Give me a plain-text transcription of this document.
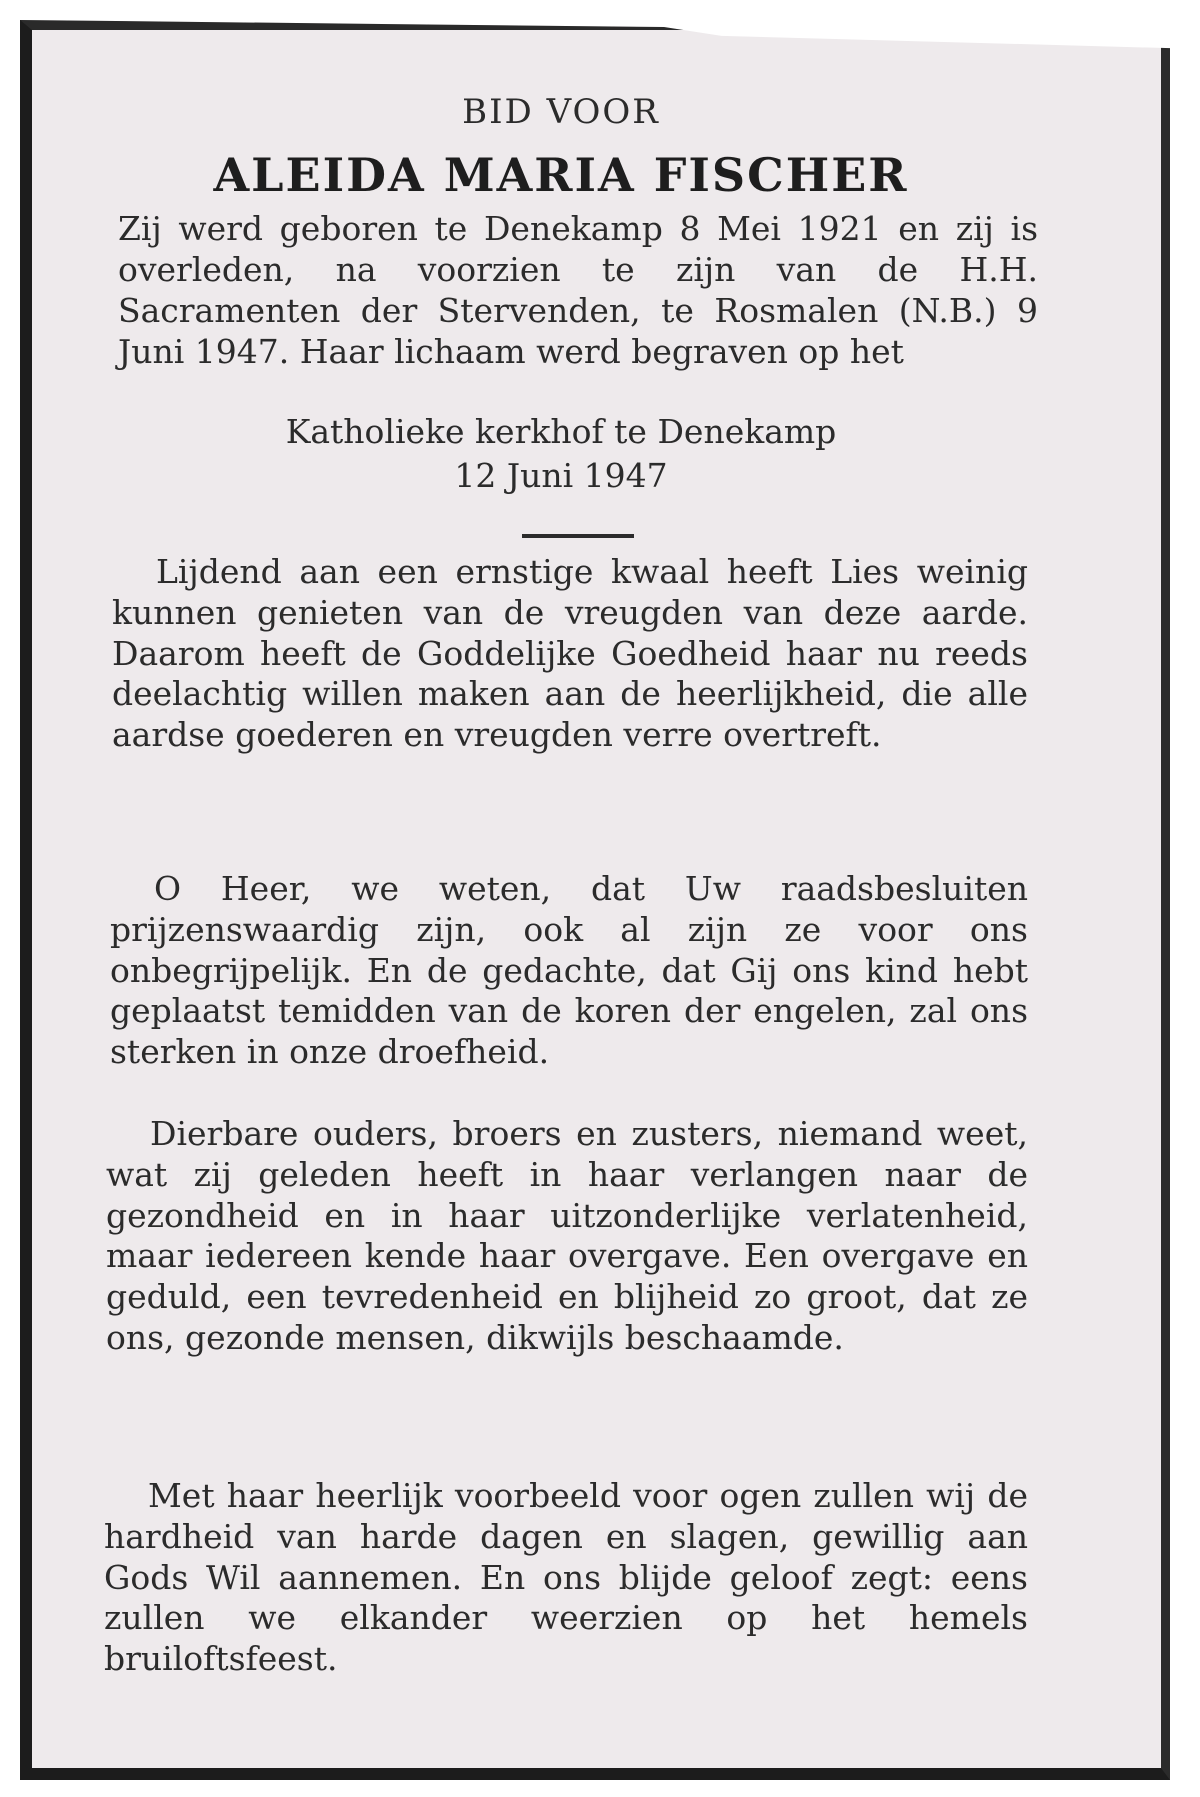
BID VOOR
ALEIDA MARIA FISCHER
Zij werd geboren te Denekamp 8 Mei 1921 en zij is overleden, na voorzien te zijn van de H.H. Sacramenten der Stervenden, te Rosmalen (N.B.) 9 Juni 1947. Haar lichaam werd begraven op het
Katholieke kerkhof te Denekamp
12 Juni 1947

Lijdend aan een ernstige kwaal heeft Lies weinig kunnen genieten van de vreugden van deze aarde. Daarom heeft de Goddelijke Goedheid haar nu reeds deelachtig willen maken aan de heerlijkheid, die alle aardse goederen en vreugden verre overtreft.

O Heer, we weten, dat Uw raadsbesluiten prijzenswaardig zijn, ook al zijn ze voor ons onbegrijpelijk. En de gedachte, dat Gij ons kind hebt geplaatst temidden van de koren der engelen, zal ons sterken in onze droefheid.

Dierbare ouders, broers en zusters, niemand weet, wat zij geleden heeft in haar verlangen naar de gezondheid en in haar uitzonderlijke verlatenheid, maar iedereen kende haar overgave. Een overgave en geduld, een tevredenheid en blijheid zo groot, dat ze ons, gezonde mensen, dikwijls beschaamde.

Met haar heerlijk voorbeeld voor ogen zullen wij de hardheid van harde dagen en slagen, gewillig aan Gods Wil aannemen. En ons blijde geloof zegt: eens zullen we elkander weerzien op het hemels bruiloftsfeest.
